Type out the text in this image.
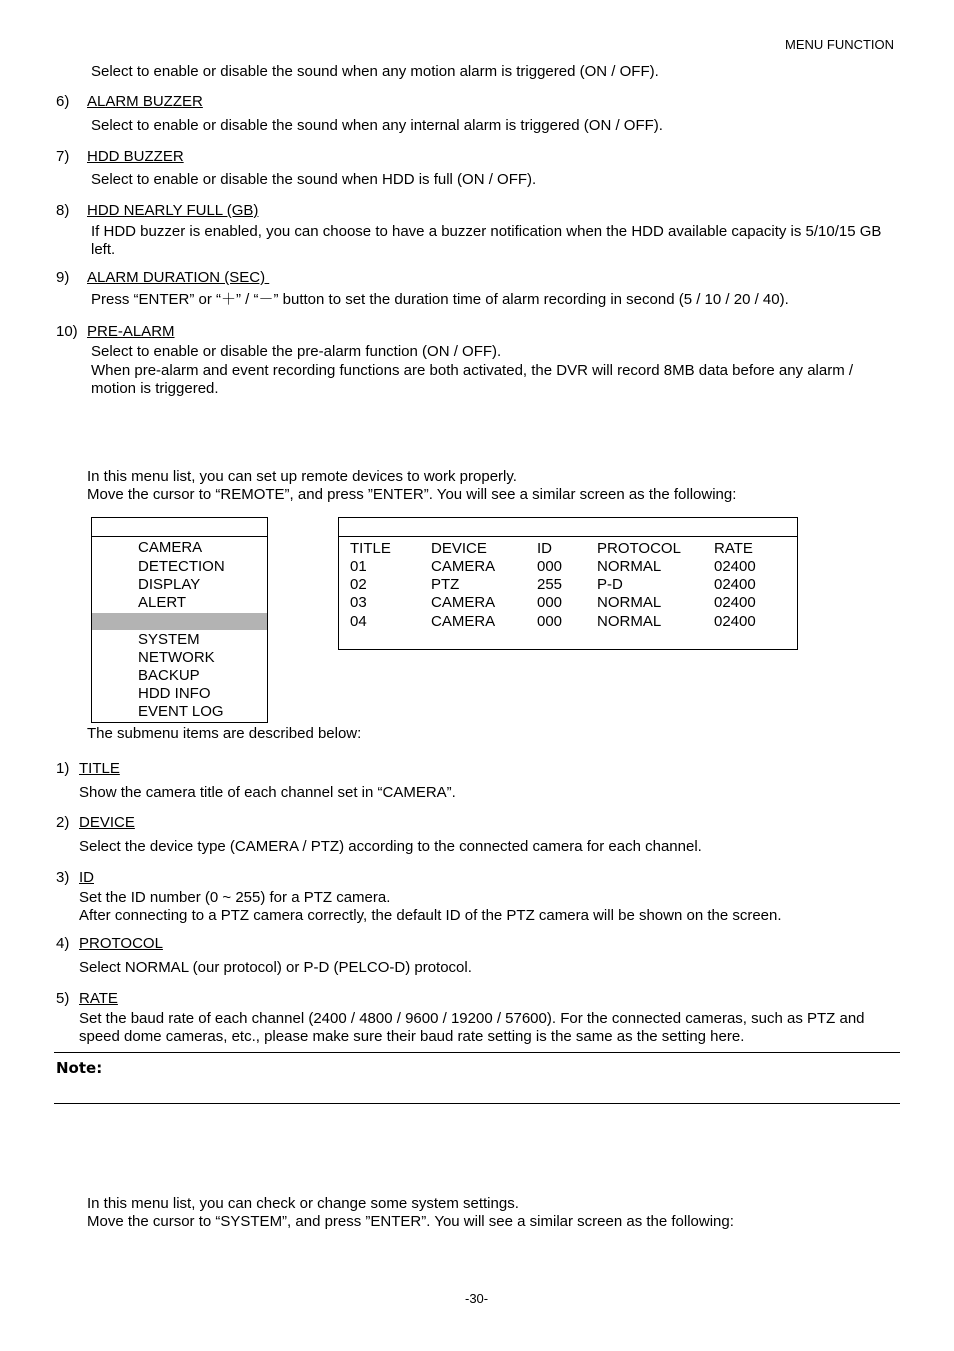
MENU FUNCTION
Select to enable or disable the sound when any motion alarm is triggered (ON / OFF).
6) ALARM BUZZER
Select to enable or disable the sound when any internal alarm is triggered (ON / OFF).
7) HDD BUZZER
Select to enable or disable the sound when HDD is full (ON / OFF).
8) HDD NEARLY FULL (GB)
If HDD buzzer is enabled, you can choose to have a buzzer notification when the HDD available capacity is 5/10/15 GB left.
9) ALARM DURATION (SEC)
Press “ENTER” or “＋” / “－” button to set the duration time of alarm recording in second (5 / 10 / 20 / 40).
10) PRE-ALARM
Select to enable or disable the pre-alarm function (ON / OFF).
When pre-alarm and event recording functions are both activated, the DVR will record 8MB data before any alarm / motion is triggered.
In this menu list, you can set up remote devices to work properly.
Move the cursor to “REMOTE”, and press ”ENTER”. You will see a similar screen as the following:
CAMERA
DETECTION
DISPLAY
ALERT
SYSTEM
NETWORK
BACKUP
HDD INFO
EVENT LOG
TITLE	DEVICE	ID	PROTOCOL RATE
01	CAMERA	000 NORMAL	02400
02	PTZ	255 P-D	02400
03	CAMERA	000 NORMAL	02400
04	CAMERA	000 NORMAL	02400
The submenu items are described below:
1) TITLE
Show the camera title of each channel set in “CAMERA”.
2) DEVICE
Select the device type (CAMERA / PTZ) according to the connected camera for each channel.
3) ID
Set the ID number (0 ~ 255) for a PTZ camera.
After connecting to a PTZ camera correctly, the default ID of the PTZ camera will be shown on the screen.
4) PROTOCOL
Select NORMAL (our protocol) or P-D (PELCO-D) protocol.
5) RATE
Set the baud rate of each channel (2400 / 4800 / 9600 / 19200 / 57600). For the connected cameras, such as PTZ and speed dome cameras, etc., please make sure their baud rate setting is the same as the setting here.
Note:
In this menu list, you can check or change some system settings.
Move the cursor to “SYSTEM”, and press ”ENTER”. You will see a similar screen as the following:
-30-
